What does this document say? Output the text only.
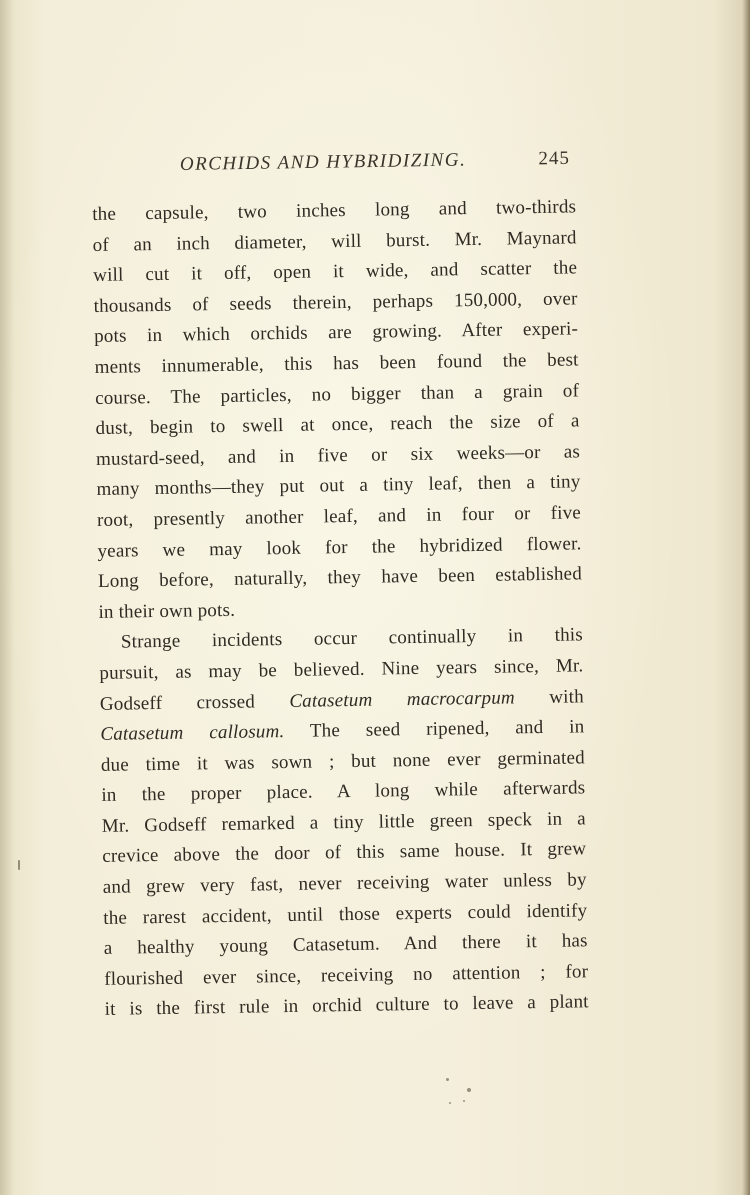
ORCHIDS AND HYBRIDIZING.	245
the capsule, two inches long and two-thirds
of an inch diameter, will burst. Mr. Maynard
will cut it off, open it wide, and scatter the
thousands of seeds therein, perhaps 150,000, over
pots in which orchids are growing. After experi-
ments innumerable, this has been found the best
course. The particles, no bigger than a grain of
dust, begin to swell at once, reach the size of a
mustard-seed, and in five or six weeks—or as
many months—they put out a tiny leaf, then a tiny
root, presently another leaf, and in four or five
years we may look for the hybridized flower.
Long before, naturally, they have been established
in their own pots.
Strange incidents occur continually in this
pursuit, as may be believed. Nine years since, Mr.
Godseff crossed Catasetum macrocarpum with
Catasetum callosum. The seed ripened, and in
due time it was sown ; but none ever germinated
in the proper place. A long while afterwards
Mr. Godseff remarked a tiny little green speck in a
crevice above the door of this same house. It grew
and grew very fast, never receiving water unless by
the rarest accident, until those experts could identify
a healthy young Catasetum. And there it has
flourished ever since, receiving no attention ; for
it is the first rule in orchid culture to leave a plant
